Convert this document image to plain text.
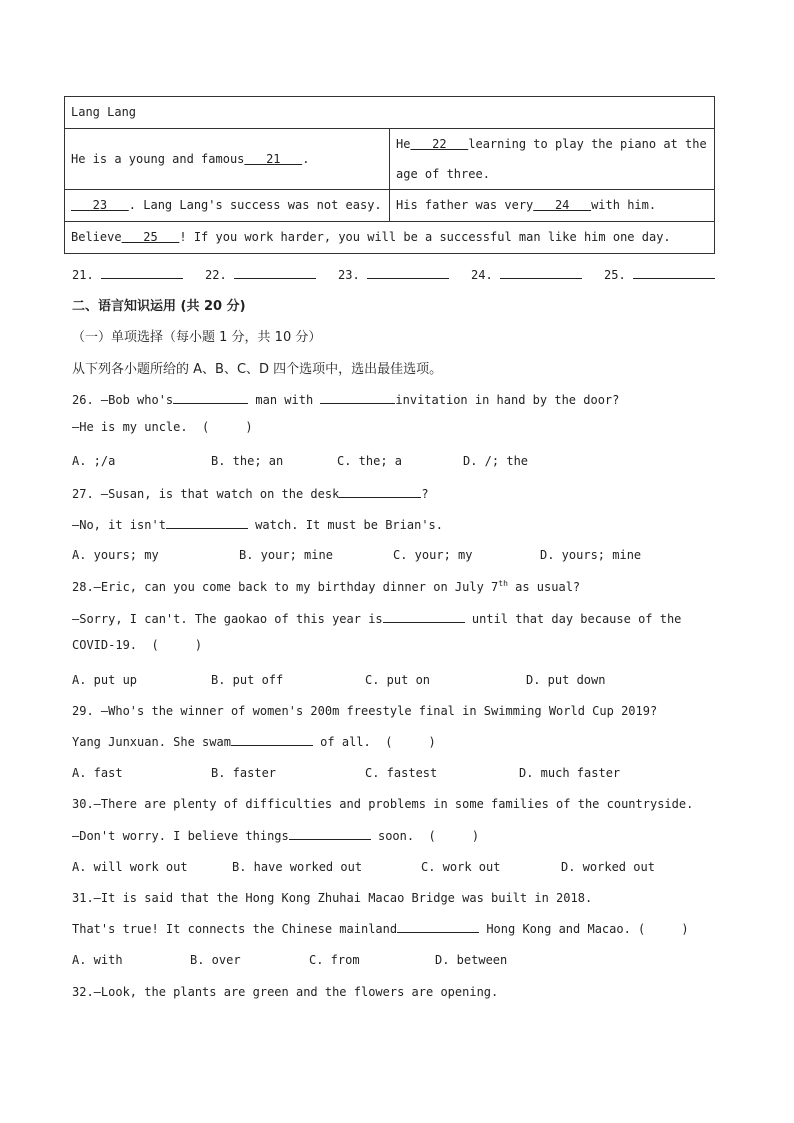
Lang Lang	
He is a young and famous   21   .	He   22   learning to play the piano at the age of three.
23   . Lang Lang's success was not easy.	His father was very   24   with him.
Believe   25   ! If you work harder, you will be a successful man like him one day.	
21.	22.	23.	24.	25.
二、语言知识运用 (共 20 分)
（一）单项选择（每小题 1 分，共 10 分）
从下列各小题所给的 A、B、C、D 四个选项中，选出最佳选项。
26. —Bob who's	man with	invitation in hand by the door?
—He is my uncle.  (     )
A. ;/a	B. the; an	C. the; a	D. /; the
27. —Susan, is that watch on the desk	?
—No, it isn't	watch. It must be Brian's.
A. yours; my	B. your; mine	C. your; my	D. yours; mine
28.—Eric, can you come back to my birthday dinner on July 7th as usual?
—Sorry, I can't. The gaokao of this year is	until that day because of the
COVID-19.  (     )
A. put up	B. put off	C. put on	D. put down
29. —Who's the winner of women's 200m freestyle final in Swimming World Cup 2019?
Yang Junxuan. She swam	of all.  (     )
A. fast	B. faster	C. fastest	D. much faster
30.—There are plenty of difficulties and problems in some families of the countryside.
—Don't worry. I believe things	soon.  (     )
A. will work out	B. have worked out	C. work out	D. worked out
31.—It is said that the Hong Kong Zhuhai Macao Bridge was built in 2018.
That's true! It connects the Chinese mainland	Hong Kong and Macao. (     )
A. with	B. over	C. from	D. between
32.—Look, the plants are green and the flowers are opening.
